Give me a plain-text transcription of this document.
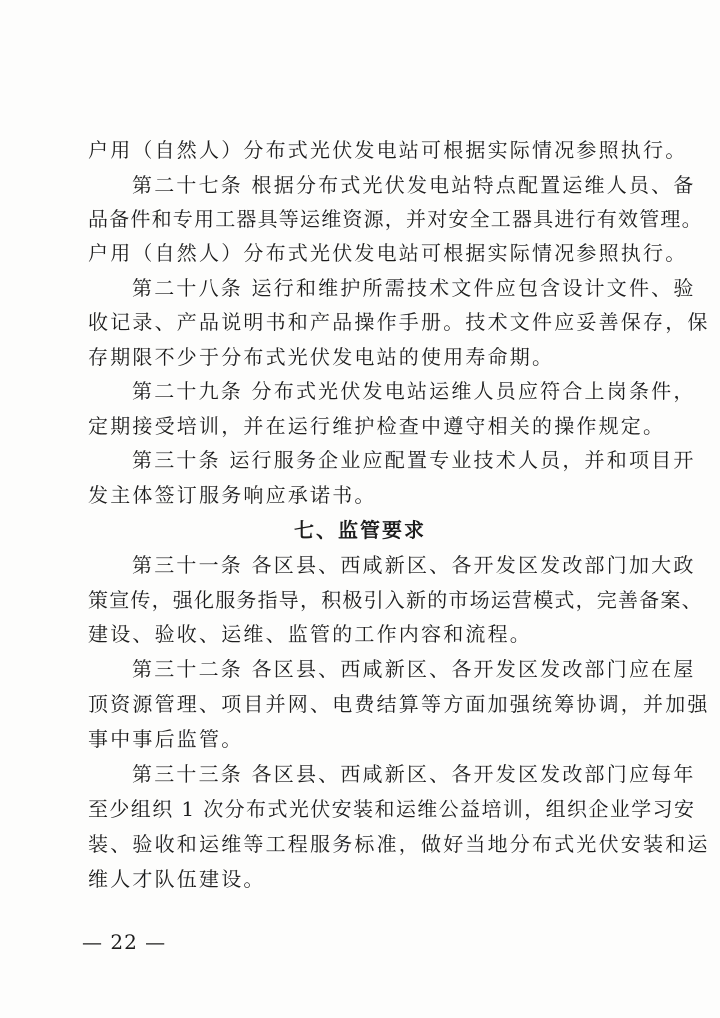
户用（自然人）分布式光伏发电站可根据实际情况参照执行。
第二十七条 根据分布式光伏发电站特点配置运维人员、备
品备件和专用工器具等运维资源，并对安全工器具进行有效管理。
户用（自然人）分布式光伏发电站可根据实际情况参照执行。
第二十八条 运行和维护所需技术文件应包含设计文件、验
收记录、产品说明书和产品操作手册。技术文件应妥善保存，保
存期限不少于分布式光伏发电站的使用寿命期。
第二十九条 分布式光伏发电站运维人员应符合上岗条件，
定期接受培训，并在运行维护检查中遵守相关的操作规定。
第三十条 运行服务企业应配置专业技术人员，并和项目开
发主体签订服务响应承诺书。
七、监管要求
第三十一条 各区县、西咸新区、各开发区发改部门加大政
策宣传，强化服务指导，积极引入新的市场运营模式，完善备案、
建设、验收、运维、监管的工作内容和流程。
第三十二条 各区县、西咸新区、各开发区发改部门应在屋
顶资源管理、项目并网、电费结算等方面加强统筹协调，并加强
事中事后监管。
第三十三条 各区县、西咸新区、各开发区发改部门应每年
至少组织 1 次分布式光伏安装和运维公益培训，组织企业学习安
装、验收和运维等工程服务标准，做好当地分布式光伏安装和运
维人才队伍建设。
— 22 —
